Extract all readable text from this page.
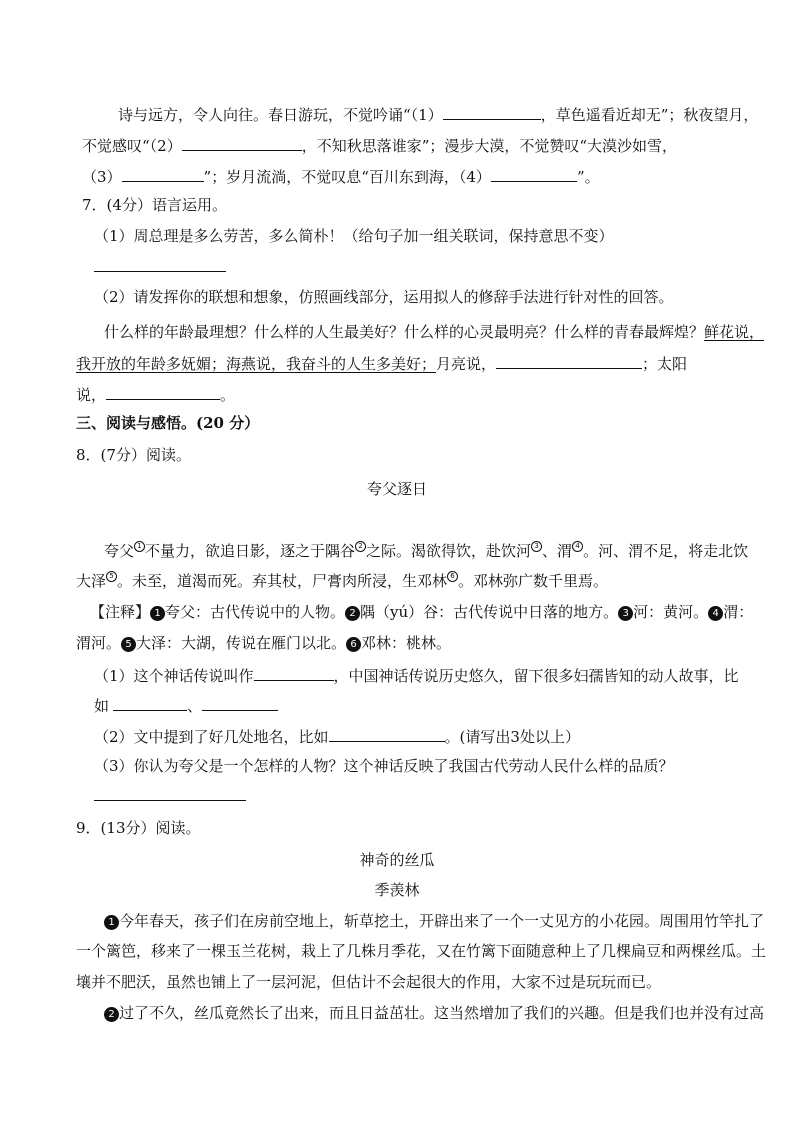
诗与远方，令人向往。春日游玩，不觉吟诵“（1）	，草色遥看近却无”；秋夜望月，
不觉感叹“（2）	，不知秋思落谁家”；漫步大漠，不觉赞叹“大漠沙如雪，
（3）	”；岁月流淌，不觉叹息“百川东到海，（4）	”。
7．(4分）语言运用。
（1）周总理是多么劳苦，多么简朴！（给句子加一组关联词，保持意思不变）
（2）请发挥你的联想和想象，仿照画线部分，运用拟人的修辞手法进行针对性的回答。
什么样的年龄最理想？什么样的人生最美好？什么样的心灵最明亮？什么样的青春最辉煌？鲜花说，
我开放的年龄多妩媚；海燕说，我奋斗的人生多美好；月亮说，	；太阳
说，	。
三、阅读与感悟。(20 分）
8．(7分）阅读。
夸父逐日
夸父 1 不量力，欲追日影，逐之于隅谷 2 之际。渴欲得饮，赴饮河 3 、渭 4 。河、渭不足，将走北饮
大泽 5 。未至，道渴而死。弃其杖，尸膏肉所浸，生邓林 6 。邓林弥广数千里焉。
【注释】 1 夸父：古代传说中的人物。 2 隅（yú）谷：古代传说中日落的地方。 3 河：黄河。 4 渭：
渭河。 5 大泽：大湖，传说在雁门以北。 6 邓林：桃林。
（1）这个神话传说叫作	，中国神话传说历史悠久，留下很多妇孺皆知的动人故事，比
如	、
（2）文中提到了好几处地名，比如	。(请写出3处以上）
（3）你认为夸父是一个怎样的人物？这个神话反映了我国古代劳动人民什么样的品质？
9．(13分）阅读。
神奇的丝瓜
季羡林
1 今年春天，孩子们在房前空地上，斩草挖土，开辟出来了一个一丈见方的小花园。周围用竹竿扎了
一个篱笆，移来了一棵玉兰花树，栽上了几株月季花，又在竹篱下面随意种上了几棵扁豆和两棵丝瓜。土
壤并不肥沃，虽然也铺上了一层河泥，但估计不会起很大的作用，大家不过是玩玩而已。
2 过了不久，丝瓜竟然长了出来，而且日益茁壮。这当然增加了我们的兴趣。但是我们也并没有过高
